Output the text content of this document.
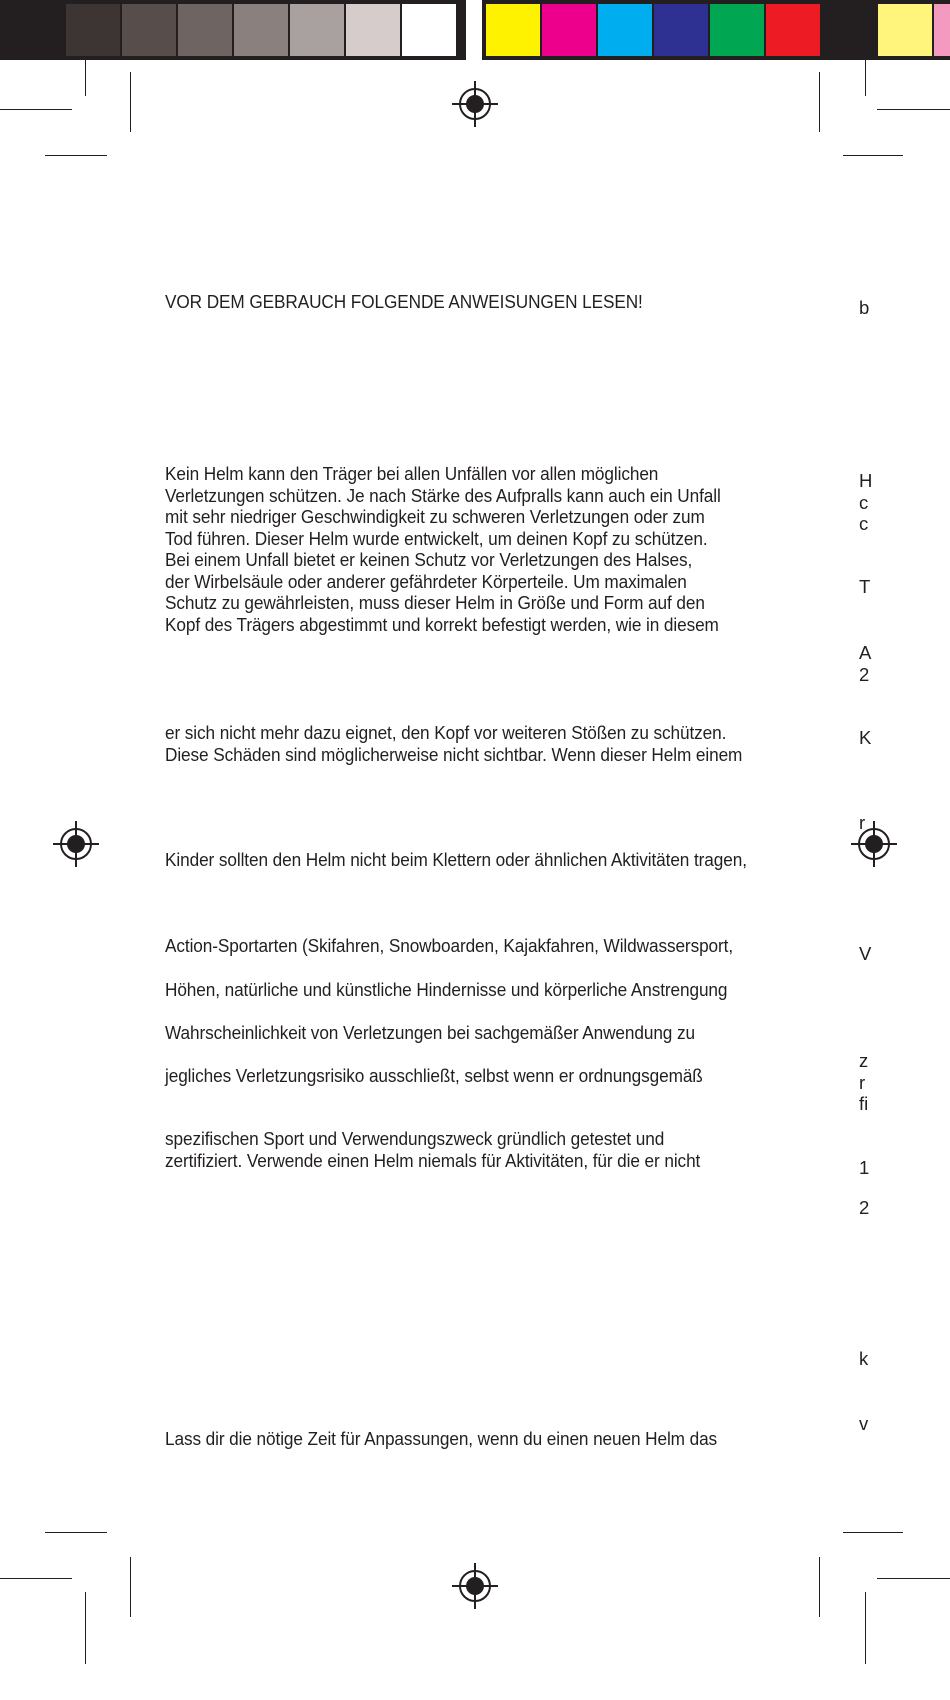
VOR DEM GEBRAUCH FOLGENDE ANWEISUNGEN LESEN!
Kein Helm kann den Träger bei allen Unfällen vor allen möglichen
Verletzungen schützen. Je nach Stärke des Aufpralls kann auch ein Unfall
mit sehr niedriger Geschwindigkeit zu schweren Verletzungen oder zum
Tod führen. Dieser Helm wurde entwickelt, um deinen Kopf zu schützen.
Bei einem Unfall bietet er keinen Schutz vor Verletzungen des Halses,
der Wirbelsäule oder anderer gefährdeter Körperteile. Um maximalen
Schutz zu gewährleisten, muss dieser Helm in Größe und Form auf den
Kopf des Trägers abgestimmt und korrekt befestigt werden, wie in diesem
er sich nicht mehr dazu eignet, den Kopf vor weiteren Stößen zu schützen.
Diese Schäden sind möglicherweise nicht sichtbar. Wenn dieser Helm einem
Kinder sollten den Helm nicht beim Klettern oder ähnlichen Aktivitäten tragen,
Action-Sportarten (Skifahren, Snowboarden, Kajakfahren, Wildwassersport,
Höhen, natürliche und künstliche Hindernisse und körperliche Anstrengung
Wahrscheinlichkeit von Verletzungen bei sachgemäßer Anwendung zu
jegliches Verletzungsrisiko ausschließt, selbst wenn er ordnungsgemäß
spezifischen Sport und Verwendungszweck gründlich getestet und
zertifiziert. Verwende einen Helm niemals für Aktivitäten, für die er nicht
Lass dir die nötige Zeit für Anpassungen, wenn du einen neuen Helm das
b
H
c
c
T
A
2
K
r
V
z
r
fi
1
2
k
v
